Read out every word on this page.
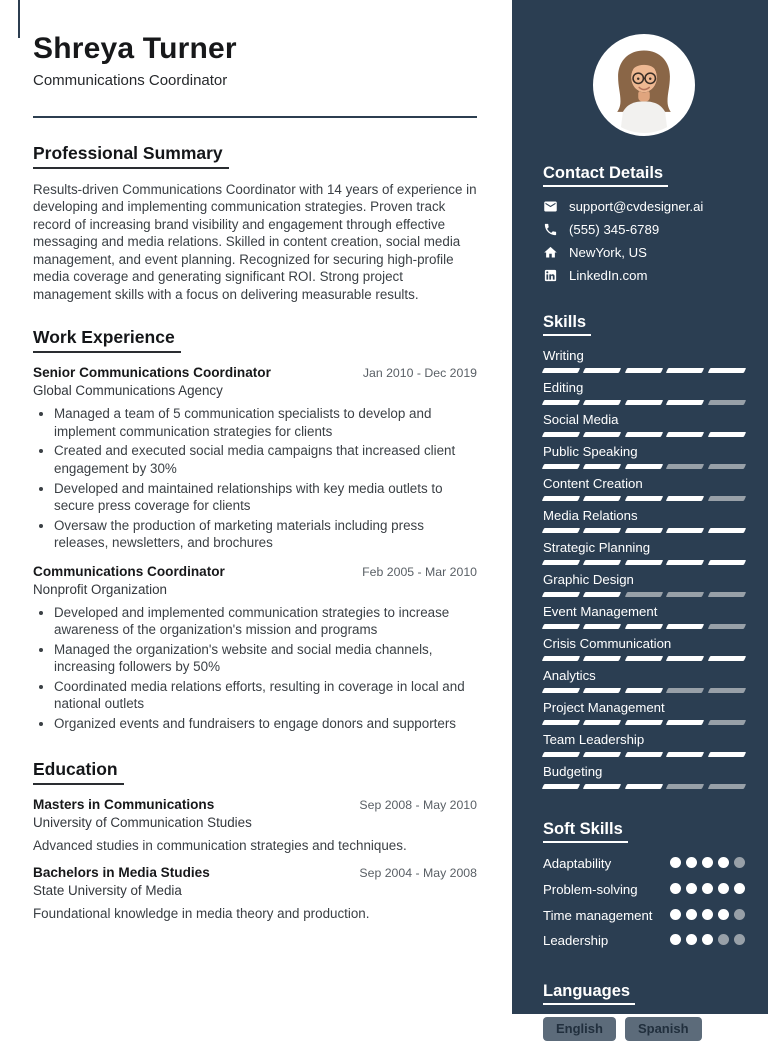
Shreya Turner
Communications Coordinator
Professional Summary

Results-driven Communications Coordinator with 14 years of experience in developing and implementing communication strategies. Proven track record of increasing brand visibility and engagement through effective messaging and media relations. Skilled in content creation, social media management, and event planning. Recognized for securing high-profile media coverage and generating significant ROI. Strong project management skills with a focus on delivering measurable results.

Work Experience
Senior Communications Coordinator	Jan 2010 - Dec 2019
Global Communications Agency
• Managed a team of 5 communication specialists to develop and implement communication strategies for clients
• Created and executed social media campaigns that increased client engagement by 30%
• Developed and maintained relationships with key media outlets to secure press coverage for clients
• Oversaw the production of marketing materials including press releases, newsletters, and brochures
Communications Coordinator	Feb 2005 - Mar 2010
Nonprofit Organization
• Developed and implemented communication strategies to increase awareness of the organization's mission and programs
• Managed the organization's website and social media channels, increasing followers by 50%
• Coordinated media relations efforts, resulting in coverage in local and national outlets
• Organized events and fundraisers to engage donors and supporters
Education
Masters in Communications	Sep 2008 - May 2010
University of Communication Studies
Advanced studies in communication strategies and techniques.
Bachelors in Media Studies	Sep 2004 - May 2008
State University of Media
Foundational knowledge in media theory and production.
Contact Details
support@cvdesigner.ai
(555) 345-6789
NewYork, US
LinkedIn.com
Skills
Writing
Editing
Social Media
Public Speaking
Content Creation
Media Relations
Strategic Planning
Graphic Design
Event Management
Crisis Communication
Analytics
Project Management
Team Leadership
Budgeting
Soft Skills
Adaptability
Problem-solving
Time management
Leadership
Languages
English	Spanish
